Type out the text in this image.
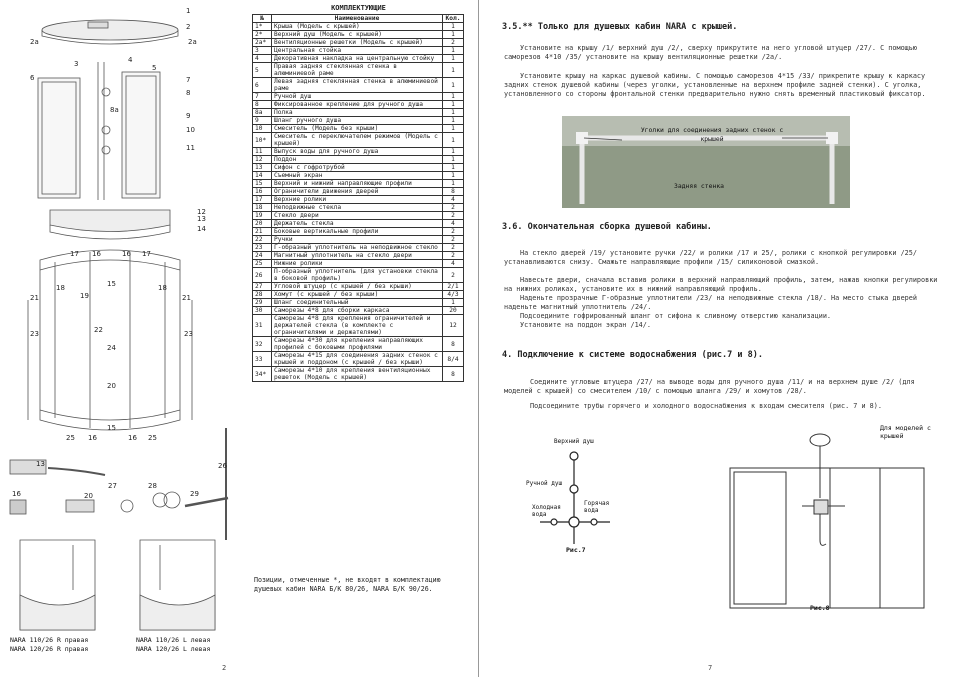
1
2
2a	2a
3	4
5
6	7
8
8a
9
10
11
12
13
14
17 16	16 17
18
19
15	18
21	21
23	23
22
24
20
25 16
15
16 25
13	26
16	20
27	28
29
NARA 110/26 R правая
NARA 120/26 R правая
NARA 110/26 L левая
NARA 120/26 L левая
КОМПЛЕКТУЮЩИЕ
№	Наименование	Кол.
1*	Крыша (Модель с крышей)	1
2*	Верхний душ (Модель с крышей)	1
2a*	Вентиляционные решетки (Модель с крышей)	2
3	Центральная стойка	1
4	Декоративная накладка на центральную стойку	1
5	Правая задняя стеклянная стенка в алюминиевой раме	1
6	Левая задняя стеклянная стенка в алюминиевой раме	1
7	Ручной душ	1
8	Фиксированное крепление для ручного душа	1
8a	Полка	1
9	Шланг ручного душа	1
10	Смеситель (Модель без крыши)	1
10*	Смеситель с переключателем режимов (Модель с крышей)	1
11	Выпуск воды для ручного душа	1
12	Поддон	1
13	Сифон с гофротрубой	1
14	Съемный экран	1
15	Верхний и нижний направляющие профили	1
16	Ограничители движения дверей	8
17	Верхние ролики	4
18	Неподвижные стекла	2
19	Стекло двери	2
20	Держатель стекла	4
21	Боковые вертикальные профили	2
22	Ручки	2
23	Г-образный уплотнитель на неподвижное стекло	2
24	Магнитный уплотнитель на стекло двери	2
25	Нижние ролики	4
26	П-образный уплотнитель (для установки стекла в боковой профиль)	2
27	Угловой штуцер (с крышей / без крыши)	2/1
28	Хомут (с крышей / без крыши)	4/3
29	Шланг соединительный	1
30	Саморезы 4*8 для сборки каркаса	20
31	Саморезы 4*8 для крепления ограничителей и держателей стекла (в комплекте с ограничителями и держателями)	12
32	Саморезы 4*30 для крепления направляющих профилей с боковыми профилями	8
33	Саморезы 4*15 для соединения задних стенок с крышей и поддоном (с крышей / без крыши)	8/4
34*	Саморезы 4*10 для крепления вентиляционных решеток (Модель с крышей)	8
Позиции, отмеченные *, не входят в комплектацию душевых кабин NARA Б/К 80/26, NARA Б/К 90/26.
2
3.5.** Только для душевых кабин NARA с крышей.
Установите на крышу /1/ верхний душ /2/, сверху прикрутите на него угловой штуцер /27/. С помощью саморезов 4*10 /35/ установите на крышу вентиляционные решетки /2a/.
Установите крышу на каркас душевой кабины. С помощью саморезов 4*15 /33/ прикрепите крышу к каркасу задних стенок душевой кабины (через уголки, установленные на верхнем профиле задней стенки). С уголка, установленного со стороны фронтальной стенки предварительно нужно снять временный пластиковый фиксатор.
Уголки для соединения задних стенок с крышей
Задняя стенка
3.6. Окончательная сборка душевой кабины.
На стекло дверей /19/ установите ручки /22/ и ролики /17 и 25/, ролики с кнопкой регулировки /25/ устанавливаются снизу. Смажьте направляющие профили /15/ силиконовой смазкой.
Навесьте двери, сначала вставив ролики в верхний направляющий профиль, затем, нажав кнопки регулировки на нижних роликах, установите их в нижний направляющий профиль.
Наденьте прозрачные Г-образные уплотнители /23/ на неподвижные стекла /18/. На место стыка дверей наденьте магнитный уплотнитель /24/.
Подсоедините гофрированный шланг от сифона к сливному отверстию канализации.
Установите на поддон экран /14/.
4. Подключение к системе водоснабжения (рис.7 и 8).
Соедините угловые штуцера /27/ на выводе воды для ручного душа /11/ и на верхнем душе /2/ (для моделей с крышей) со смесителем /10/ с помощью шланга /29/ и хомутов /28/.
Подсоедините трубы горячего и холодного водоснабжения к входам смесителя (рис. 7 и 8).
Верхний душ
Ручной душ
Холодная вода
Горячая вода
Рис.7
Для моделей с крышей
Рис.8
7
